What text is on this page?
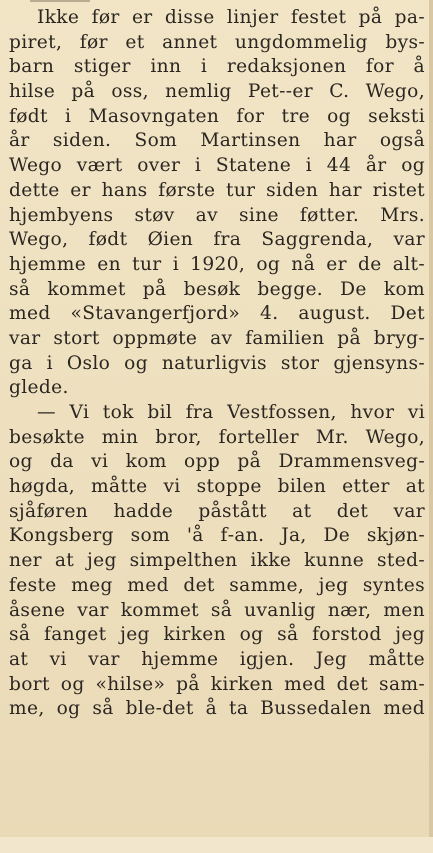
Ikke før er disse linjer festet på pa-
piret, før et annet ungdommelig bys-
barn stiger inn i redaksjonen for å
hilse på oss, nemlig Pet‑‑er C. Wego,
født i Masovngaten for tre og seksti
år siden. Som Martinsen har også
Wego vært over i Statene i 44 år og
dette er hans første tur siden har ristet
hjembyens støv av sine føtter. Mrs.
Wego, født Øien fra Saggrenda, var
hjemme en tur i 1920, og nå er de alt-
så kommet på besøk begge. De kom
med «Stavangerfjord» 4. august. Det
var stort oppmøte av familien på bryg-
ga i Oslo og naturligvis stor gjensyns-
glede.
— Vi tok bil fra Vestfossen, hvor vi
besøkte min bror, forteller Mr. Wego,
og da vi kom opp på Drammensveg-
høgda, måtte vi stoppe bilen etter at
sjåføren hadde påstått at det var
Kongsberg som 'å f‑an. Ja, De skjøn-
ner at jeg simpelthen ikke kunne sted-
feste meg med det samme, jeg syntes
åsene var kommet så uvanlig nær, men
så fanget jeg kirken og så forstod jeg
at vi var hjemme igjen. Jeg måtte
bort og «hilse» på kirken med det sam-
me, og så ble‑det å ta Bussedalen med
